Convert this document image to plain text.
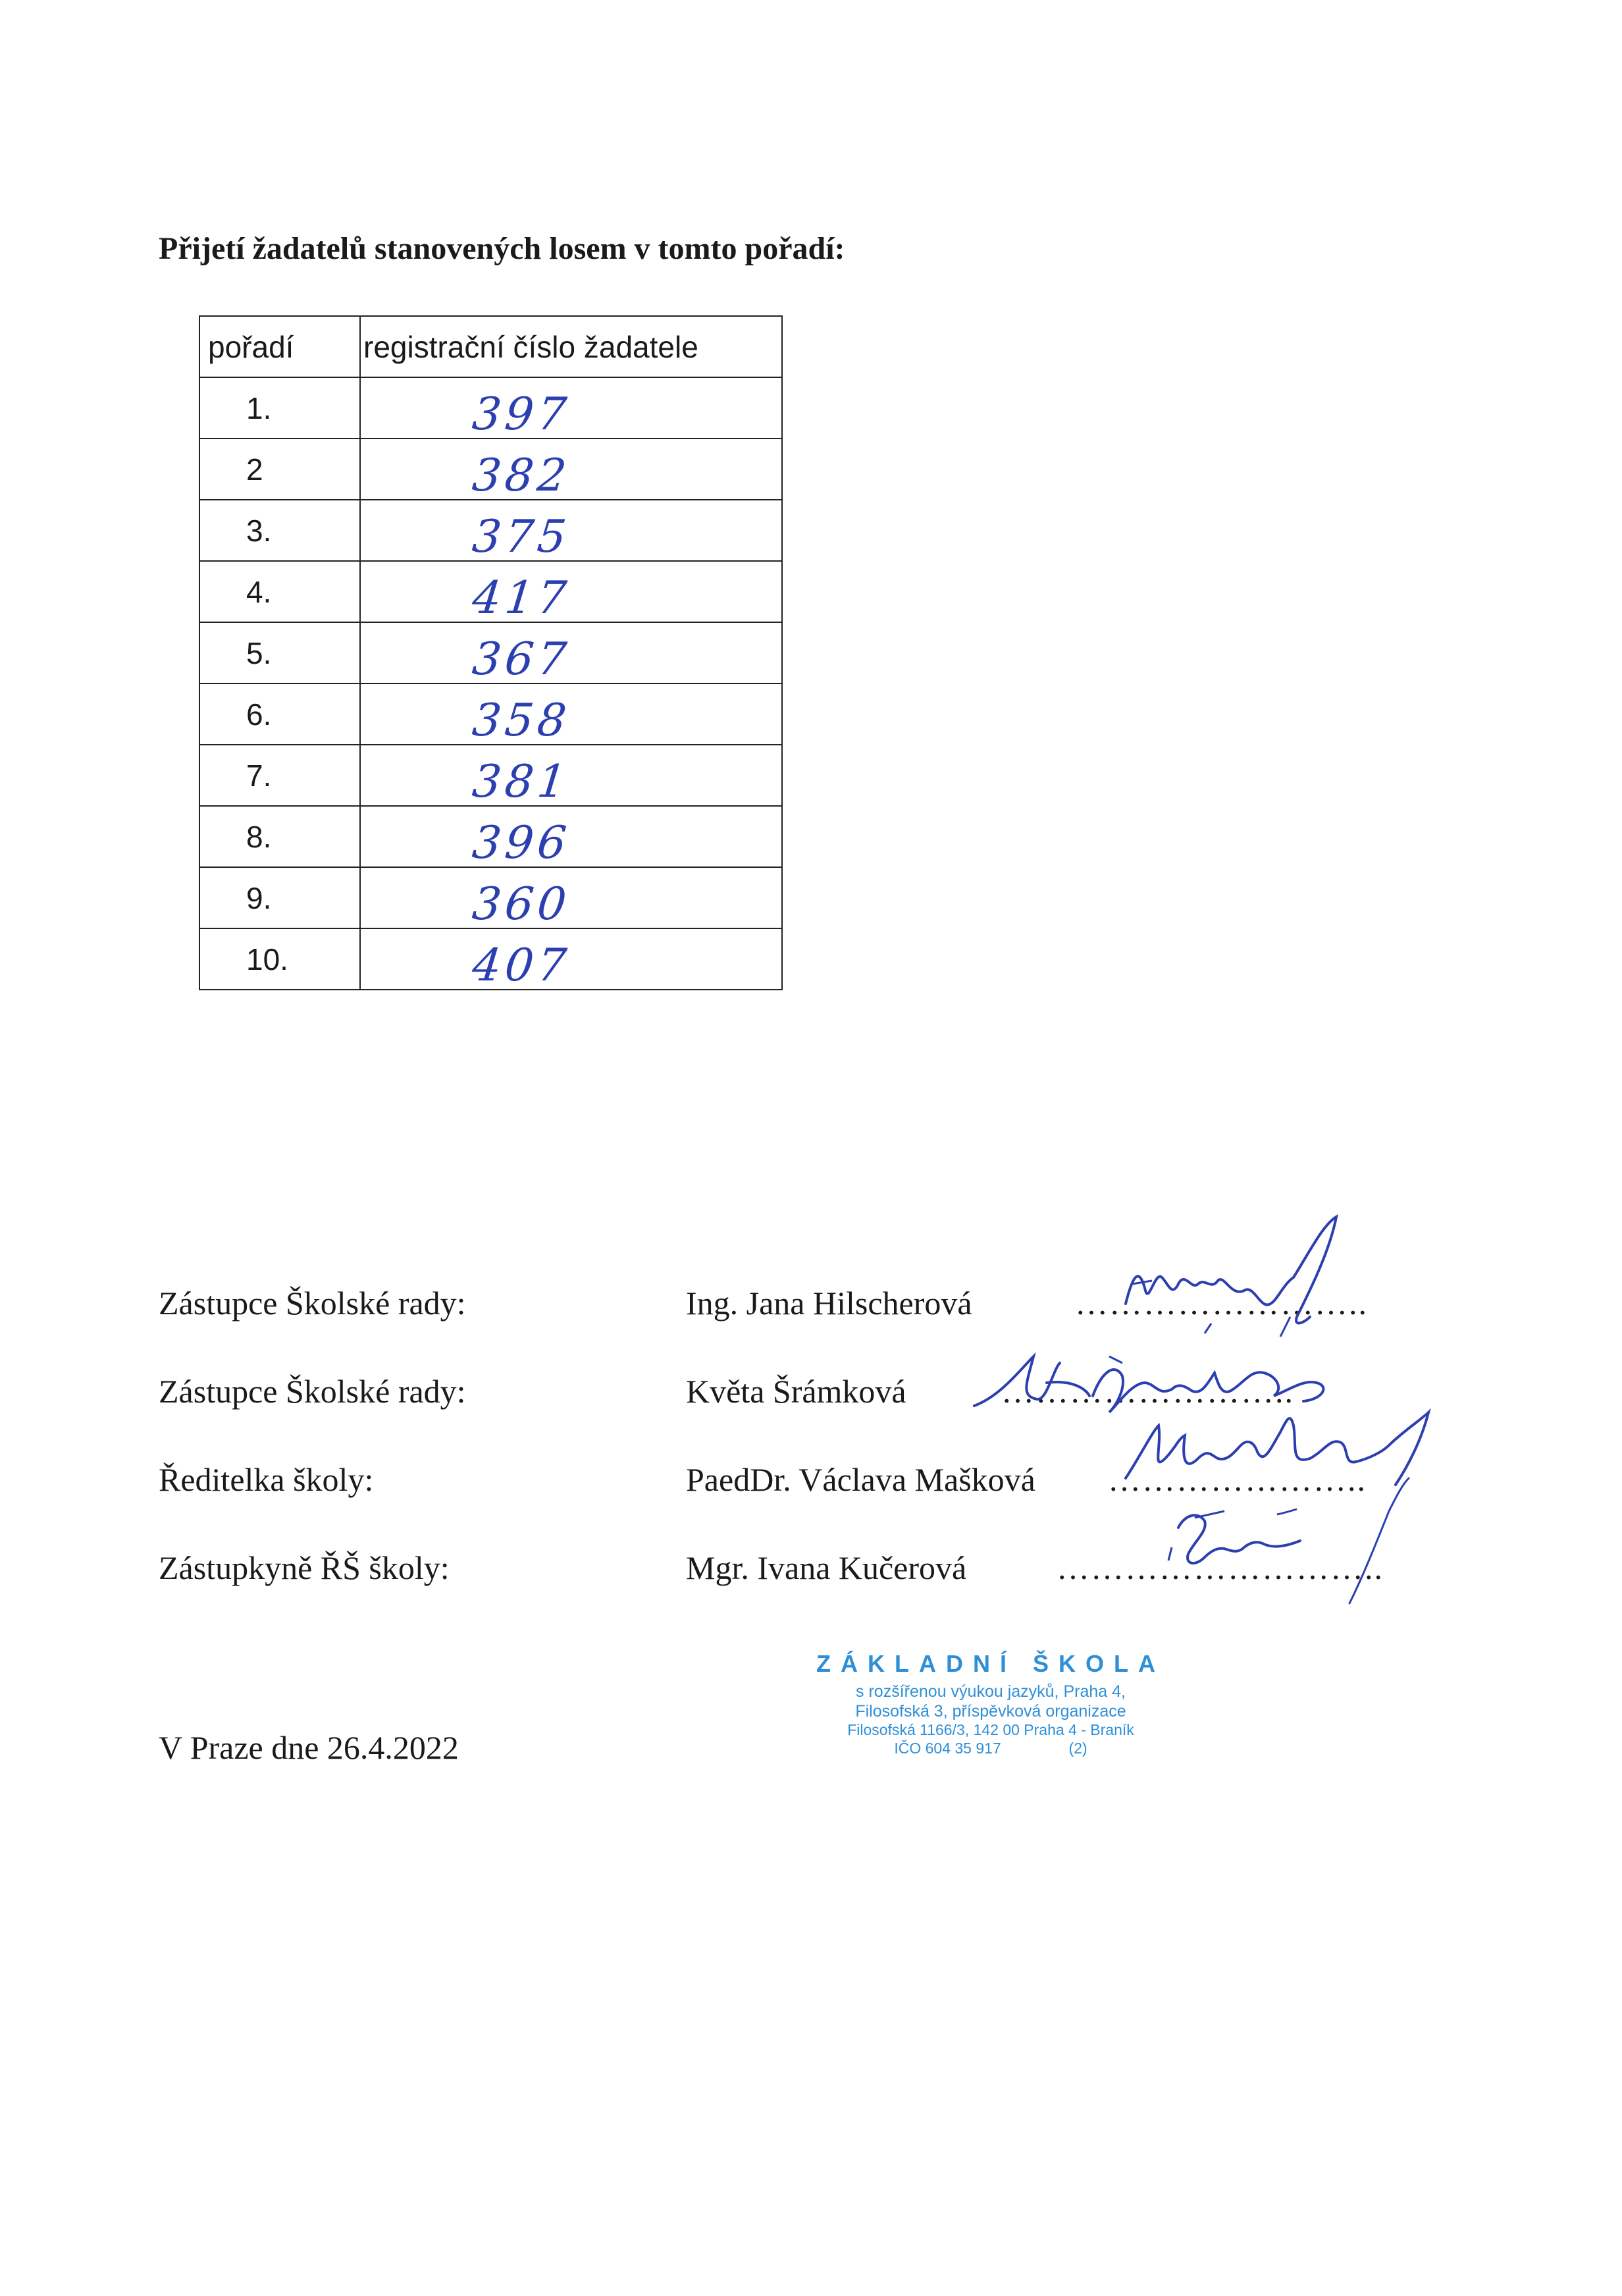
Přijetí žadatelů stanovených losem v tomto pořadí:
pořadí	registrační číslo žadatele
1.	397
2	382
3.	375
4.	417
5.	367
6.	358
7.	381
8.	396
9.	360
10.	407
Zástupce Školské rady:	Ing. Jana Hilscherová	……………………..
Zástupce Školské rady:	Květa Šrámková	……………………..
Ředitelka školy:	PaedDr. Václava Mašková …………………..
Zástupkyně ŘŠ školy:	Mgr. Ivana Kučerová	………………………..
V Praze dne 26.4.2022
ZÁKLADNÍ ŠKOLA
s rozšířenou výukou jazyků, Praha 4,
Filosofská 3, příspěvková organizace
Filosofská 1166/3, 142 00 Praha 4 - Braník
IČO 604 35 917	(2)
